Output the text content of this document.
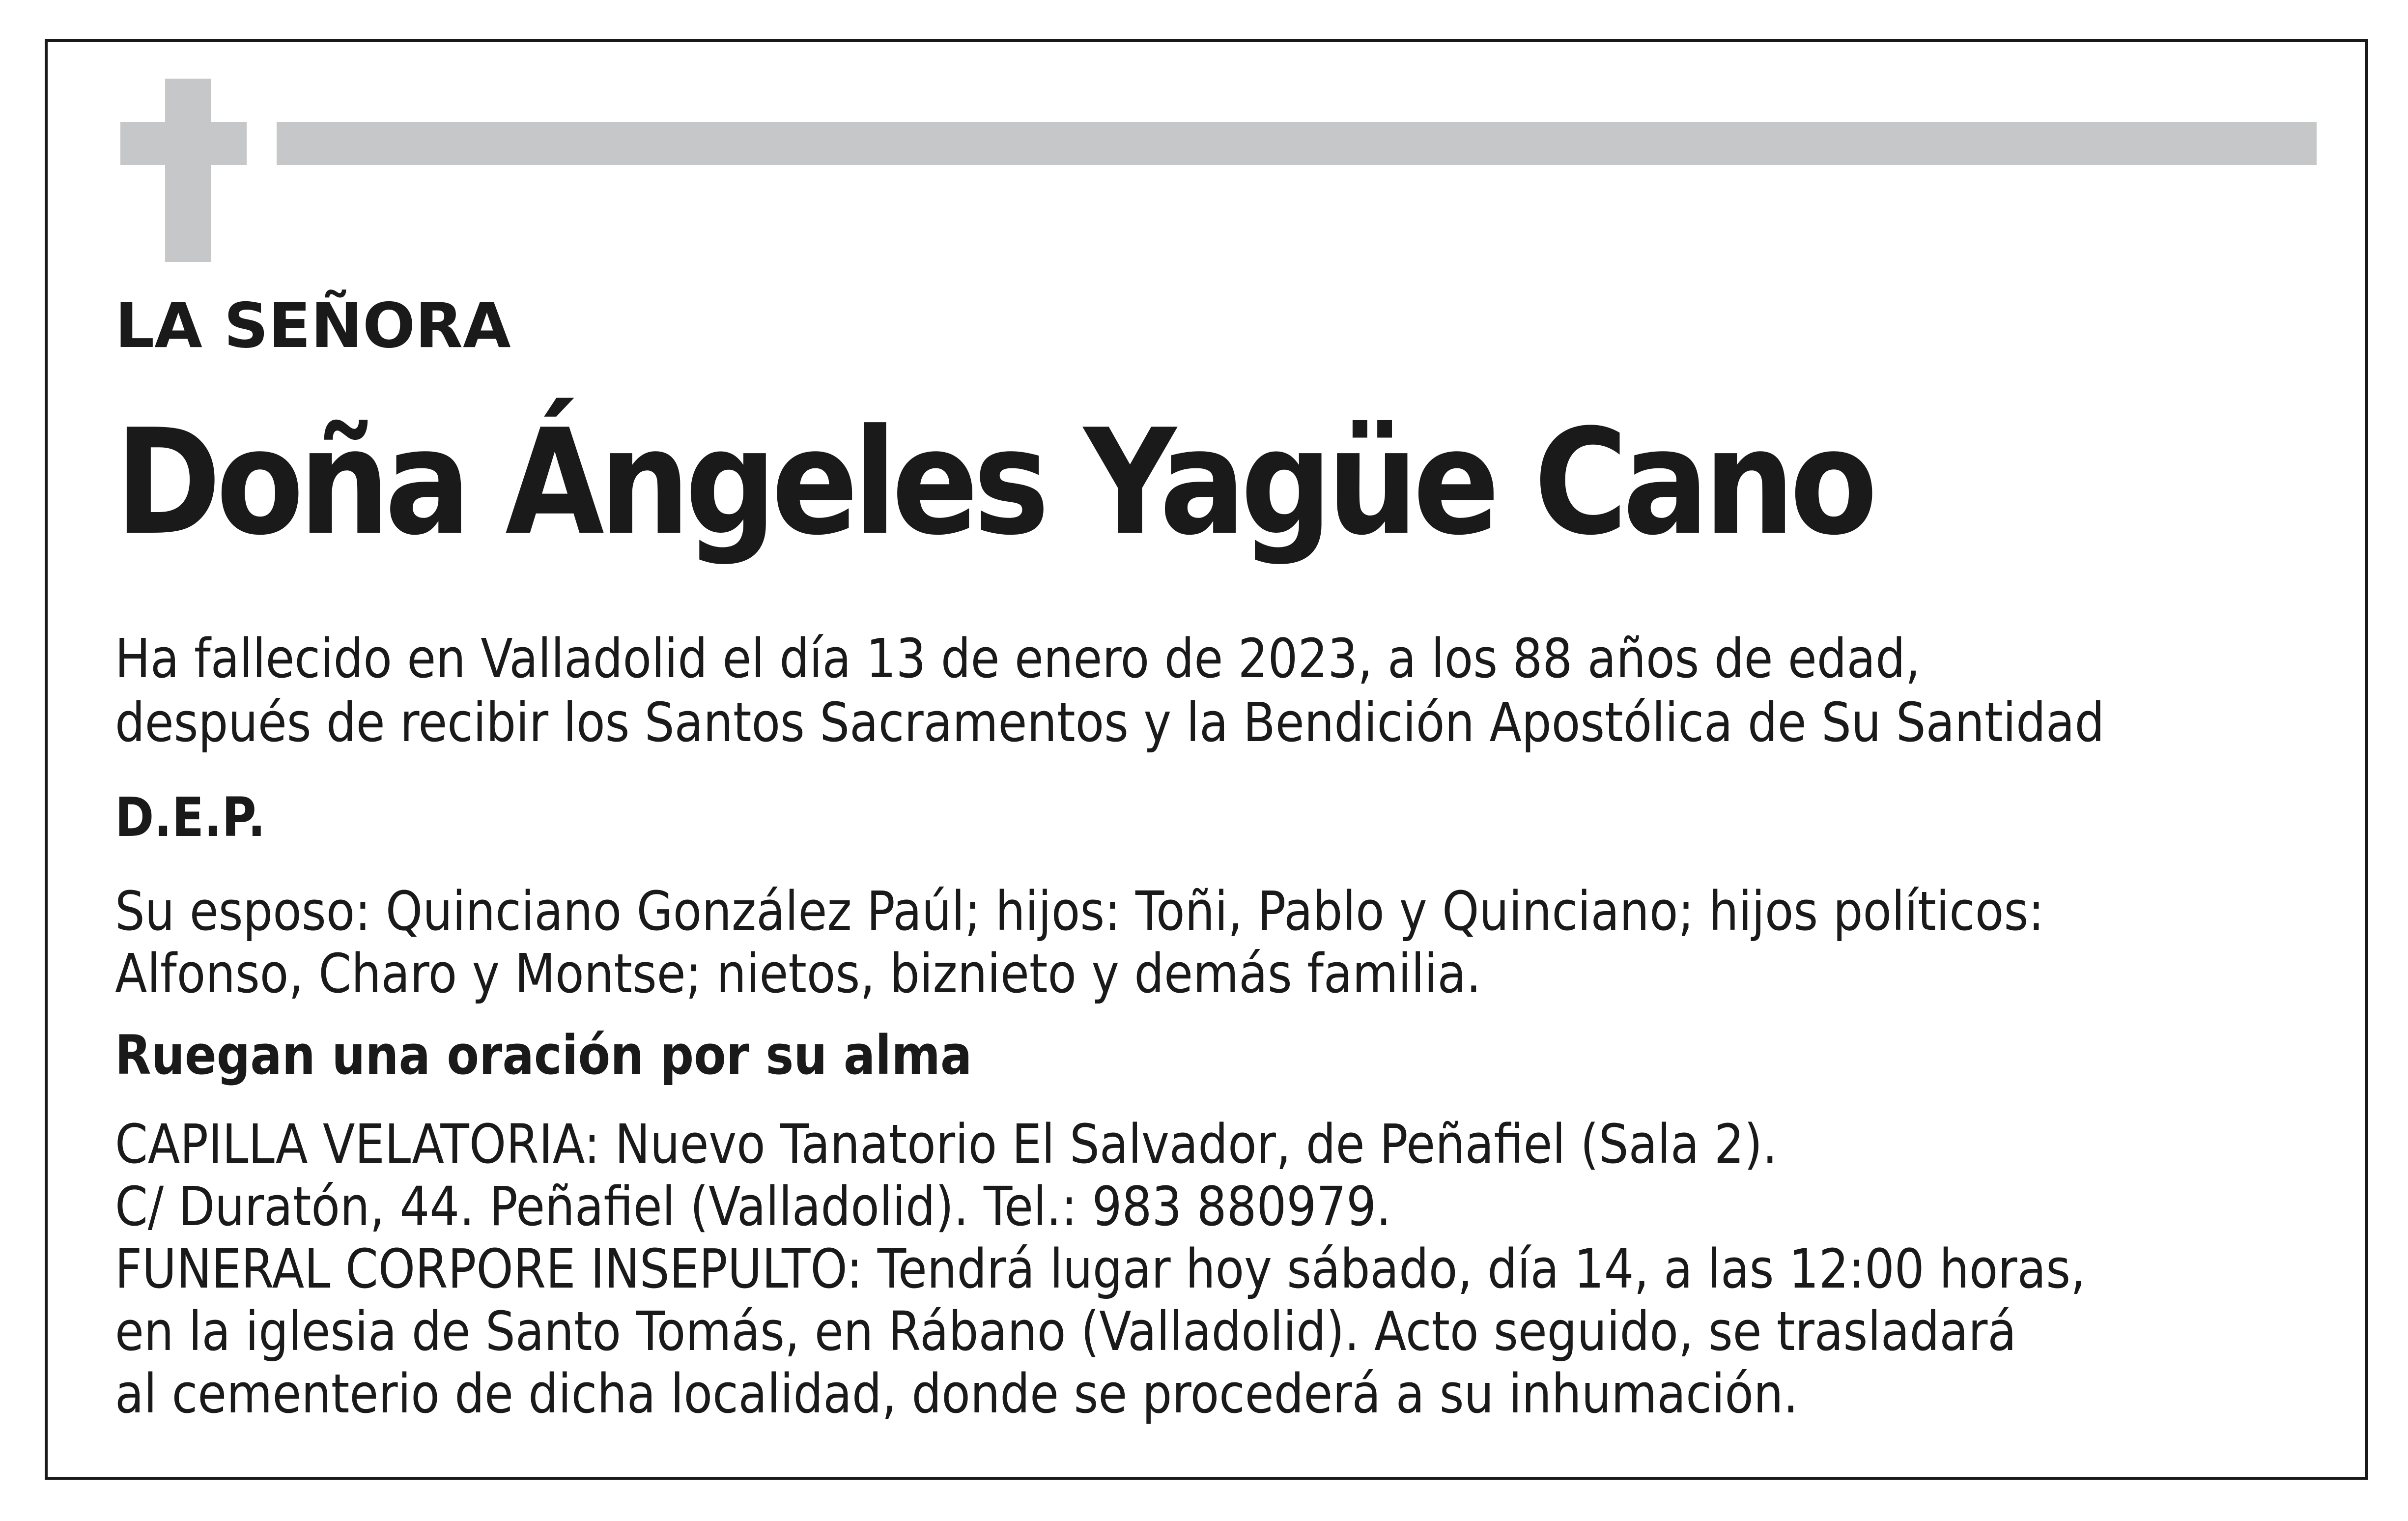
LA SEÑORA

Doña Ángeles Yagüe Cano

Ha fallecido en Valladolid el día 13 de enero de 2023, a los 88 años de edad,

después de recibir los Santos Sacramentos y la Bendición Apostólica de Su Santidad

D.E.P.

Su esposo: Quinciano González Paúl; hijos: Toñi, Pablo y Quinciano; hijos políticos:

Alfonso, Charo y Montse; nietos, biznieto y demás familia.

Ruegan una oración por su alma

CAPILLA VELATORIA: Nuevo Tanatorio El Salvador, de Peñafiel (Sala 2).

C/ Duratón, 44. Peñafiel (Valladolid). Tel.: 983 880979.

FUNERAL CORPORE INSEPULTO: Tendrá lugar hoy sábado, día 14, a las 12:00 horas,

en la iglesia de Santo Tomás, en Rábano (Valladolid). Acto seguido, se trasladará

al cementerio de dicha localidad, donde se procederá a su inhumación.
